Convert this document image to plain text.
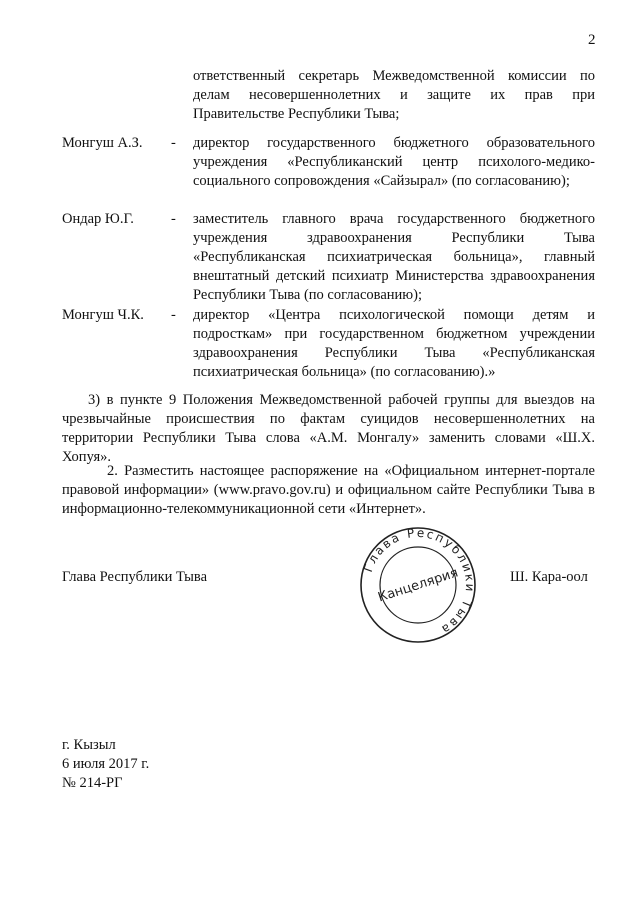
2
ответственный секретарь Межведомственной комиссии по делам несовершеннолетних и защите их прав при Правительстве Республики Тыва;
Монгуш А.З. - директор государственного бюджетного образовательного учреждения «Республиканский центр психолого-медико-социального сопровождения «Сайзырал» (по согласованию);
Ондар Ю.Г.	- заместитель главного врача государственного бюджетного учреждения здравоохранения Республики Тыва «Республиканская психиатрическая больница», главный внештатный детский психиатр Министерства здравоохранения Республики Тыва (по согласованию);
Монгуш Ч.К. - директор «Центра психологической помощи детям и подросткам» при государственном бюджетном учреждении здравоохранения Республики Тыва «Республиканская психиатрическая больница» (по согласованию).»
3) в пункте 9 Положения Межведомственной рабочей группы для выездов на чрезвычайные происшествия по фактам суицидов несовершеннолетних на территории Республики Тыва слова «А.М. Монгалу» заменить словами «Ш.Х. Хопуя».
2. Разместить настоящее распоряжение на «Официальном интернет-портале правовой информации» (www.pravo.gov.ru) и официальном сайте Республики Тыва в информационно-телекоммуникационной сети «Интернет».
Глава Республики Тыва
Глава Республики Тыва
Канцелярия	Ш. Кара-оол
г. Кызыл
6 июля 2017 г.
№ 214-РГ
